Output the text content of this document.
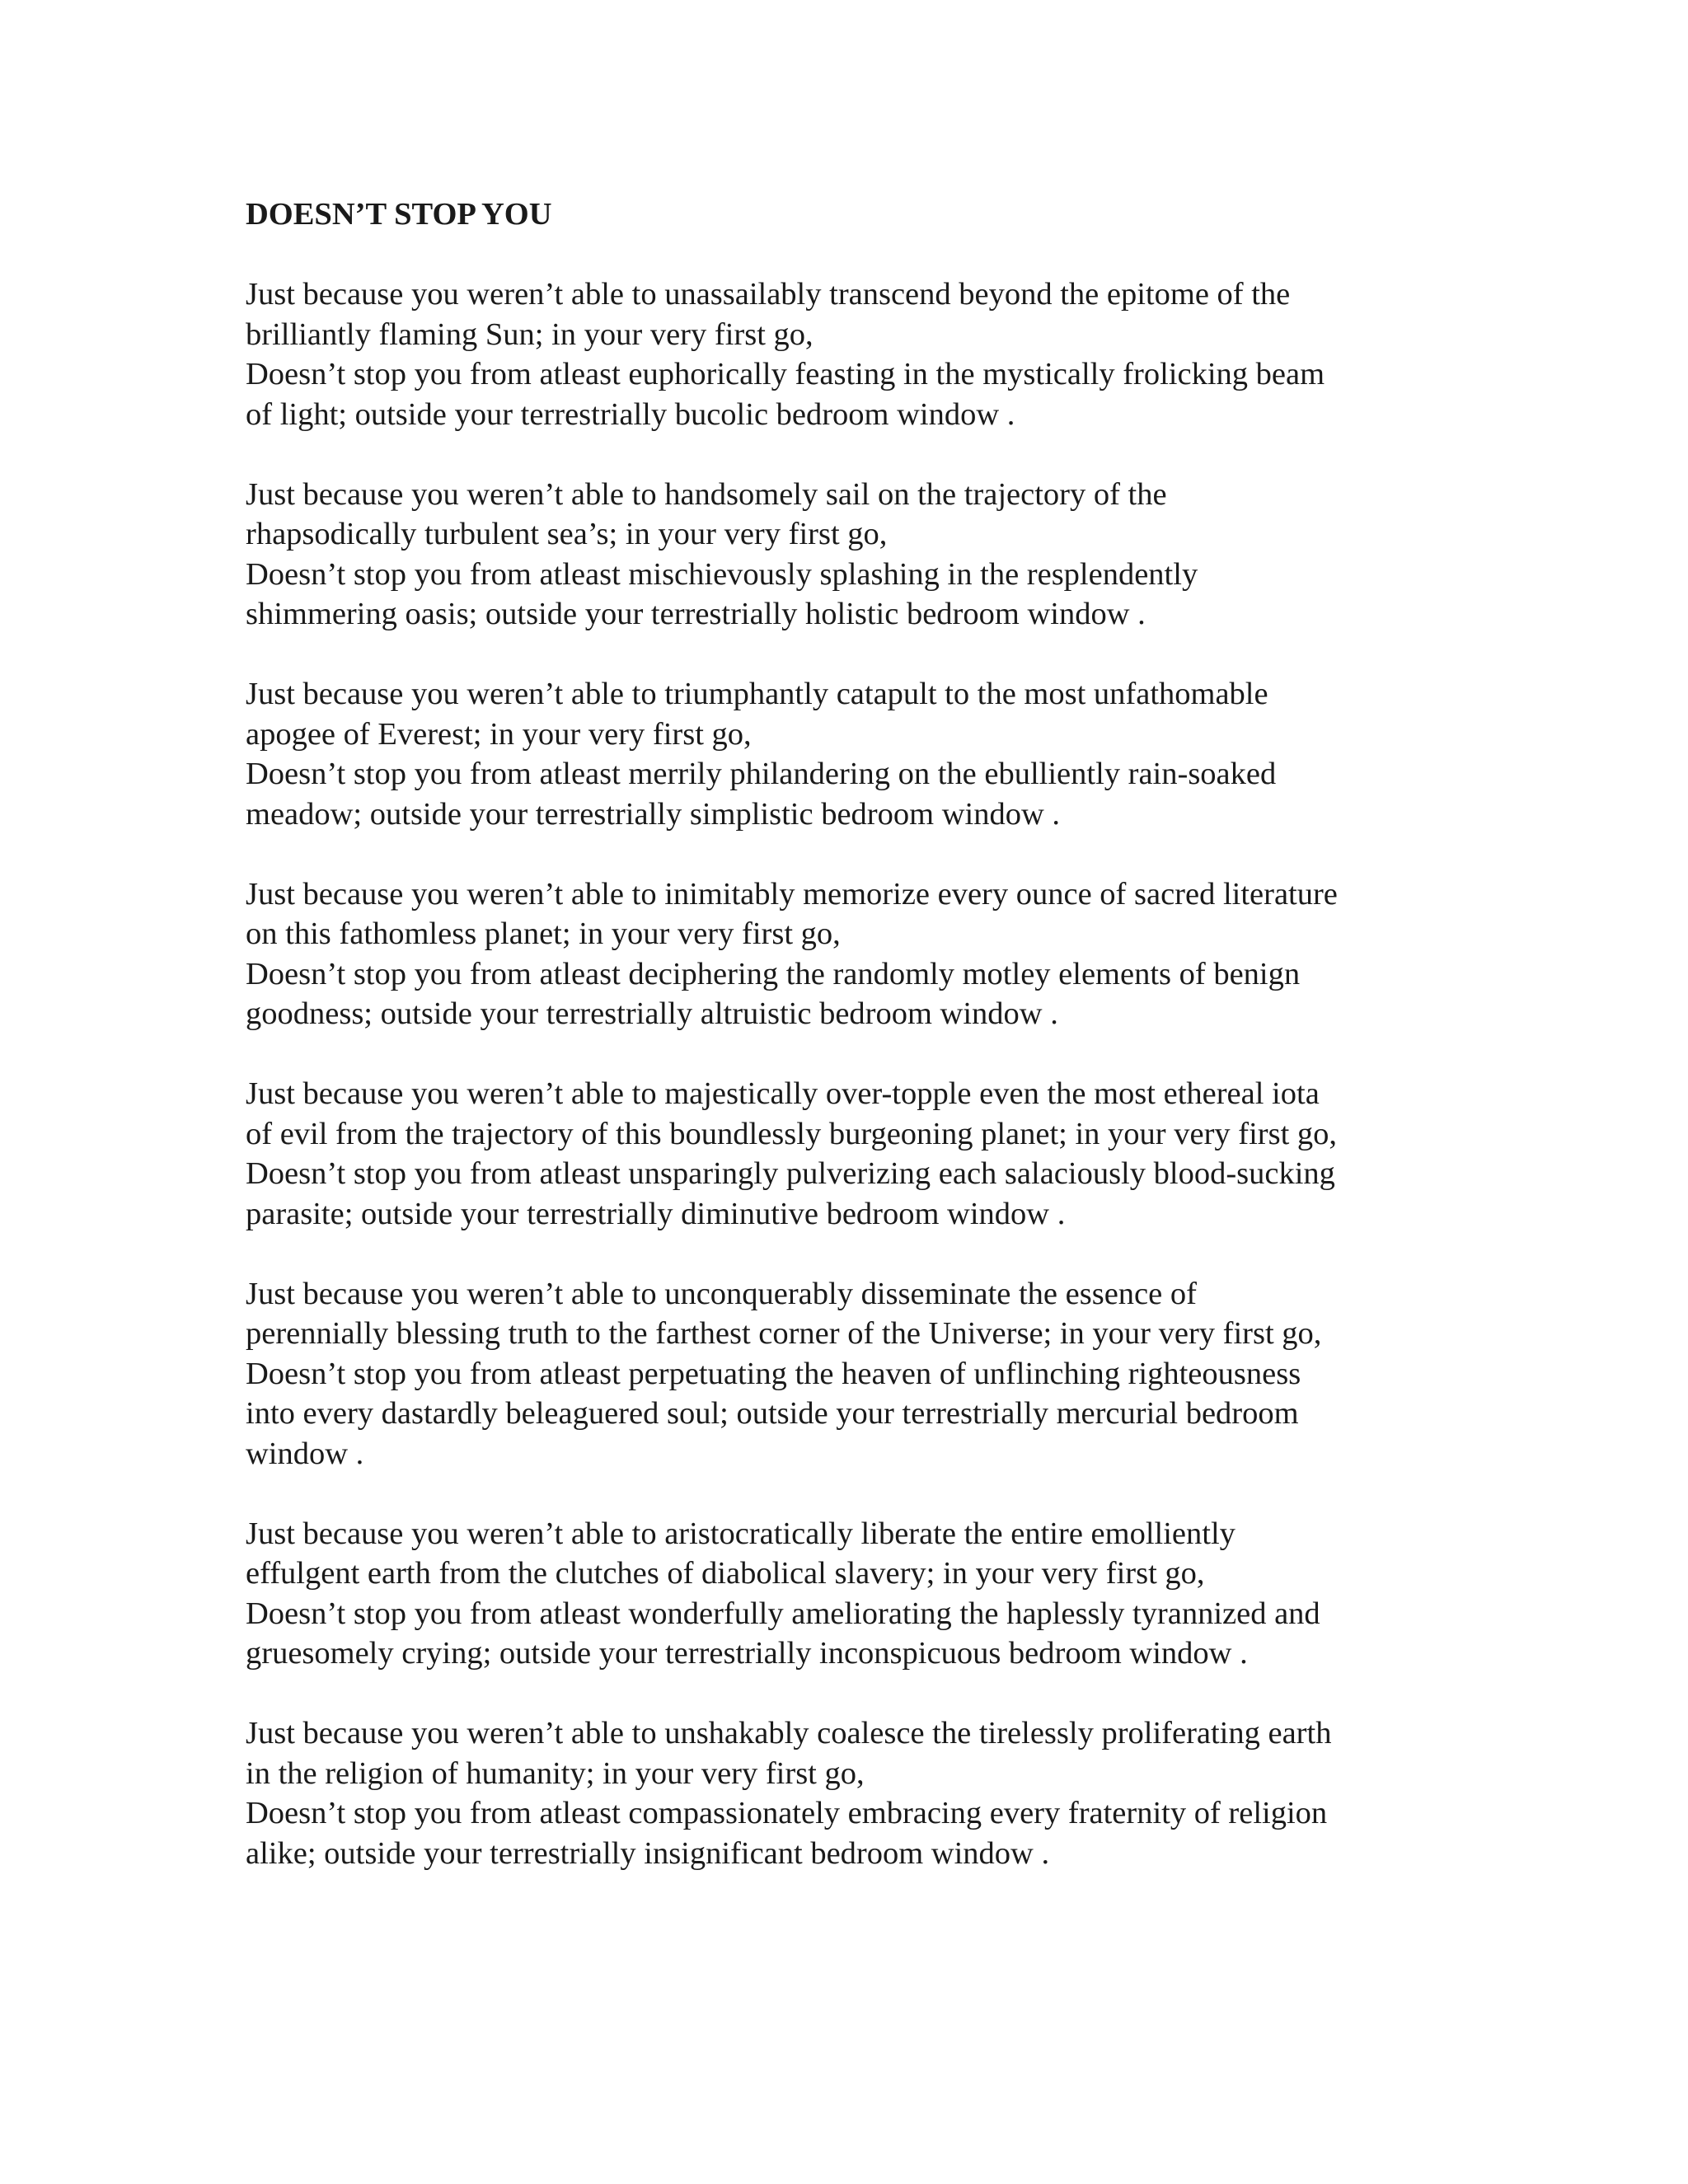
DOESN’T STOP YOU
Just because you weren’t able to unassailably transcend beyond the epitome of the
brilliantly flaming Sun; in your very first go,
Doesn’t stop you from atleast euphorically feasting in the mystically frolicking beam
of light; outside your terrestrially bucolic bedroom window .
Just because you weren’t able to handsomely sail on the trajectory of the
rhapsodically turbulent sea’s; in your very first go,
Doesn’t stop you from atleast mischievously splashing in the resplendently
shimmering oasis; outside your terrestrially holistic bedroom window .
Just because you weren’t able to triumphantly catapult to the most unfathomable
apogee of Everest; in your very first go,
Doesn’t stop you from atleast merrily philandering on the ebulliently rain-soaked
meadow; outside your terrestrially simplistic bedroom window .
Just because you weren’t able to inimitably memorize every ounce of sacred literature
on this fathomless planet; in your very first go,
Doesn’t stop you from atleast deciphering the randomly motley elements of benign
goodness; outside your terrestrially altruistic bedroom window .
Just because you weren’t able to majestically over-topple even the most ethereal iota
of evil from the trajectory of this boundlessly burgeoning planet; in your very first go,
Doesn’t stop you from atleast unsparingly pulverizing each salaciously blood-sucking
parasite; outside your terrestrially diminutive bedroom window .
Just because you weren’t able to unconquerably disseminate the essence of
perennially blessing truth to the farthest corner of the Universe; in your very first go,
Doesn’t stop you from atleast perpetuating the heaven of unflinching righteousness
into every dastardly beleaguered soul; outside your terrestrially mercurial bedroom
window .
Just because you weren’t able to aristocratically liberate the entire emolliently
effulgent earth from the clutches of diabolical slavery; in your very first go,
Doesn’t stop you from atleast wonderfully ameliorating the haplessly tyrannized and
gruesomely crying; outside your terrestrially inconspicuous bedroom window .
Just because you weren’t able to unshakably coalesce the tirelessly proliferating earth
in the religion of humanity; in your very first go,
Doesn’t stop you from atleast compassionately embracing every fraternity of religion
alike; outside your terrestrially insignificant bedroom window .
